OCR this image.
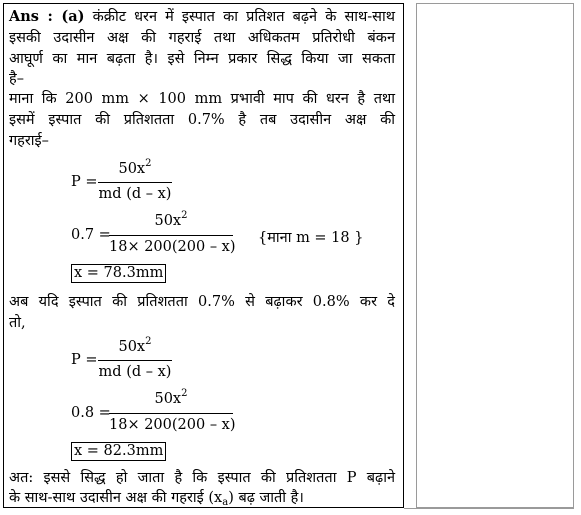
Ans : (a) कंक्रीट धरन में इस्पात का प्रतिशत बढ़ने के साथ-साथ
इसकी उदासीन अक्ष की गहराई तथा अधिकतम प्रतिरोधी बंकन
आघूर्ण का मान बढ़ता है। इसे निम्न प्रकार सिद्ध किया जा सकता
है–
माना कि 200 mm × 100 mm प्रभावी माप की धरन है तथा
इसमें इस्पात की प्रतिशतता 0.7% है तब उदासीन अक्ष की
गहराई–
P =
$50x^2$
md (d – x)
0.7 =
$50x^2$
18× 200(200 – x)
{माना m = 18 }
x = 78.3mm
अब यदि इस्पात की प्रतिशतता 0.7% से बढ़ाकर 0.8% कर दे
तो,
P =
$50x^2$
md (d – x)
0.8 =
$50x^2$
18× 200(200 – x)
x = 82.3mm
अत: इससे सिद्ध हो जाता है कि इस्पात की प्रतिशतता P बढ़ाने
के साथ-साथ उदासीन अक्ष की गहराई $(x_a)$ बढ़ जाती है।
